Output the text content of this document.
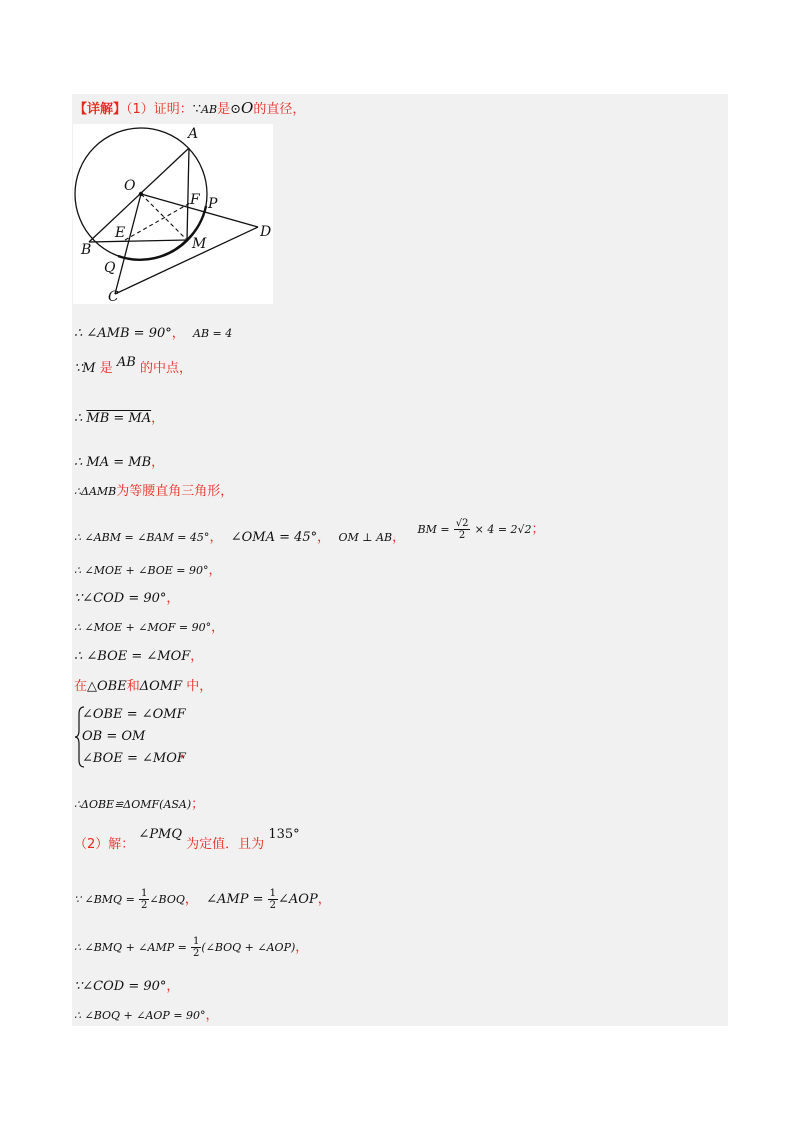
【详解】（1）证明：∵AB是⊙O的直径，
A
O
F P
D
E
B	M
Q
C
∴ ∠AMB = 90°， AB = 4
∵M 是 AB 的中点，
∴ MB = MA，
∴ MA = MB，
∴ΔAMB为等腰直角三角形，
∴ ∠ABM = ∠BAM = 45°， ∠OMA = 45°， OM ⊥ AB，   $^{BM =} \frac{√2}{2} ^{\times 4 = 2√2}$；
∴ ∠MOE + ∠BOE = 90°，
∵∠COD = 90°，
∴ ∠MOE + ∠MOF = 90°，
∴ ∠BOE = ∠MOF，
在△OBE和ΔOMF 中，
∠OBE = ∠OMF
OB = OM
∠BOE = ∠MOF
，
∴ΔOBE≌ΔOMF(ASA)；
（2）解： ∠PMQ 为定值．且为 135°
∵ ∠BMQ = $\frac{1}{2}$ ∠BOQ， ∠AMP = $\frac{1}{2}$ ∠AOP，
∴ ∠BMQ + ∠AMP = $\frac{1}{2}$ (∠BOQ + ∠AOP)，
∵∠COD = 90°，
∴ ∠BOQ + ∠AOP = 90°，
